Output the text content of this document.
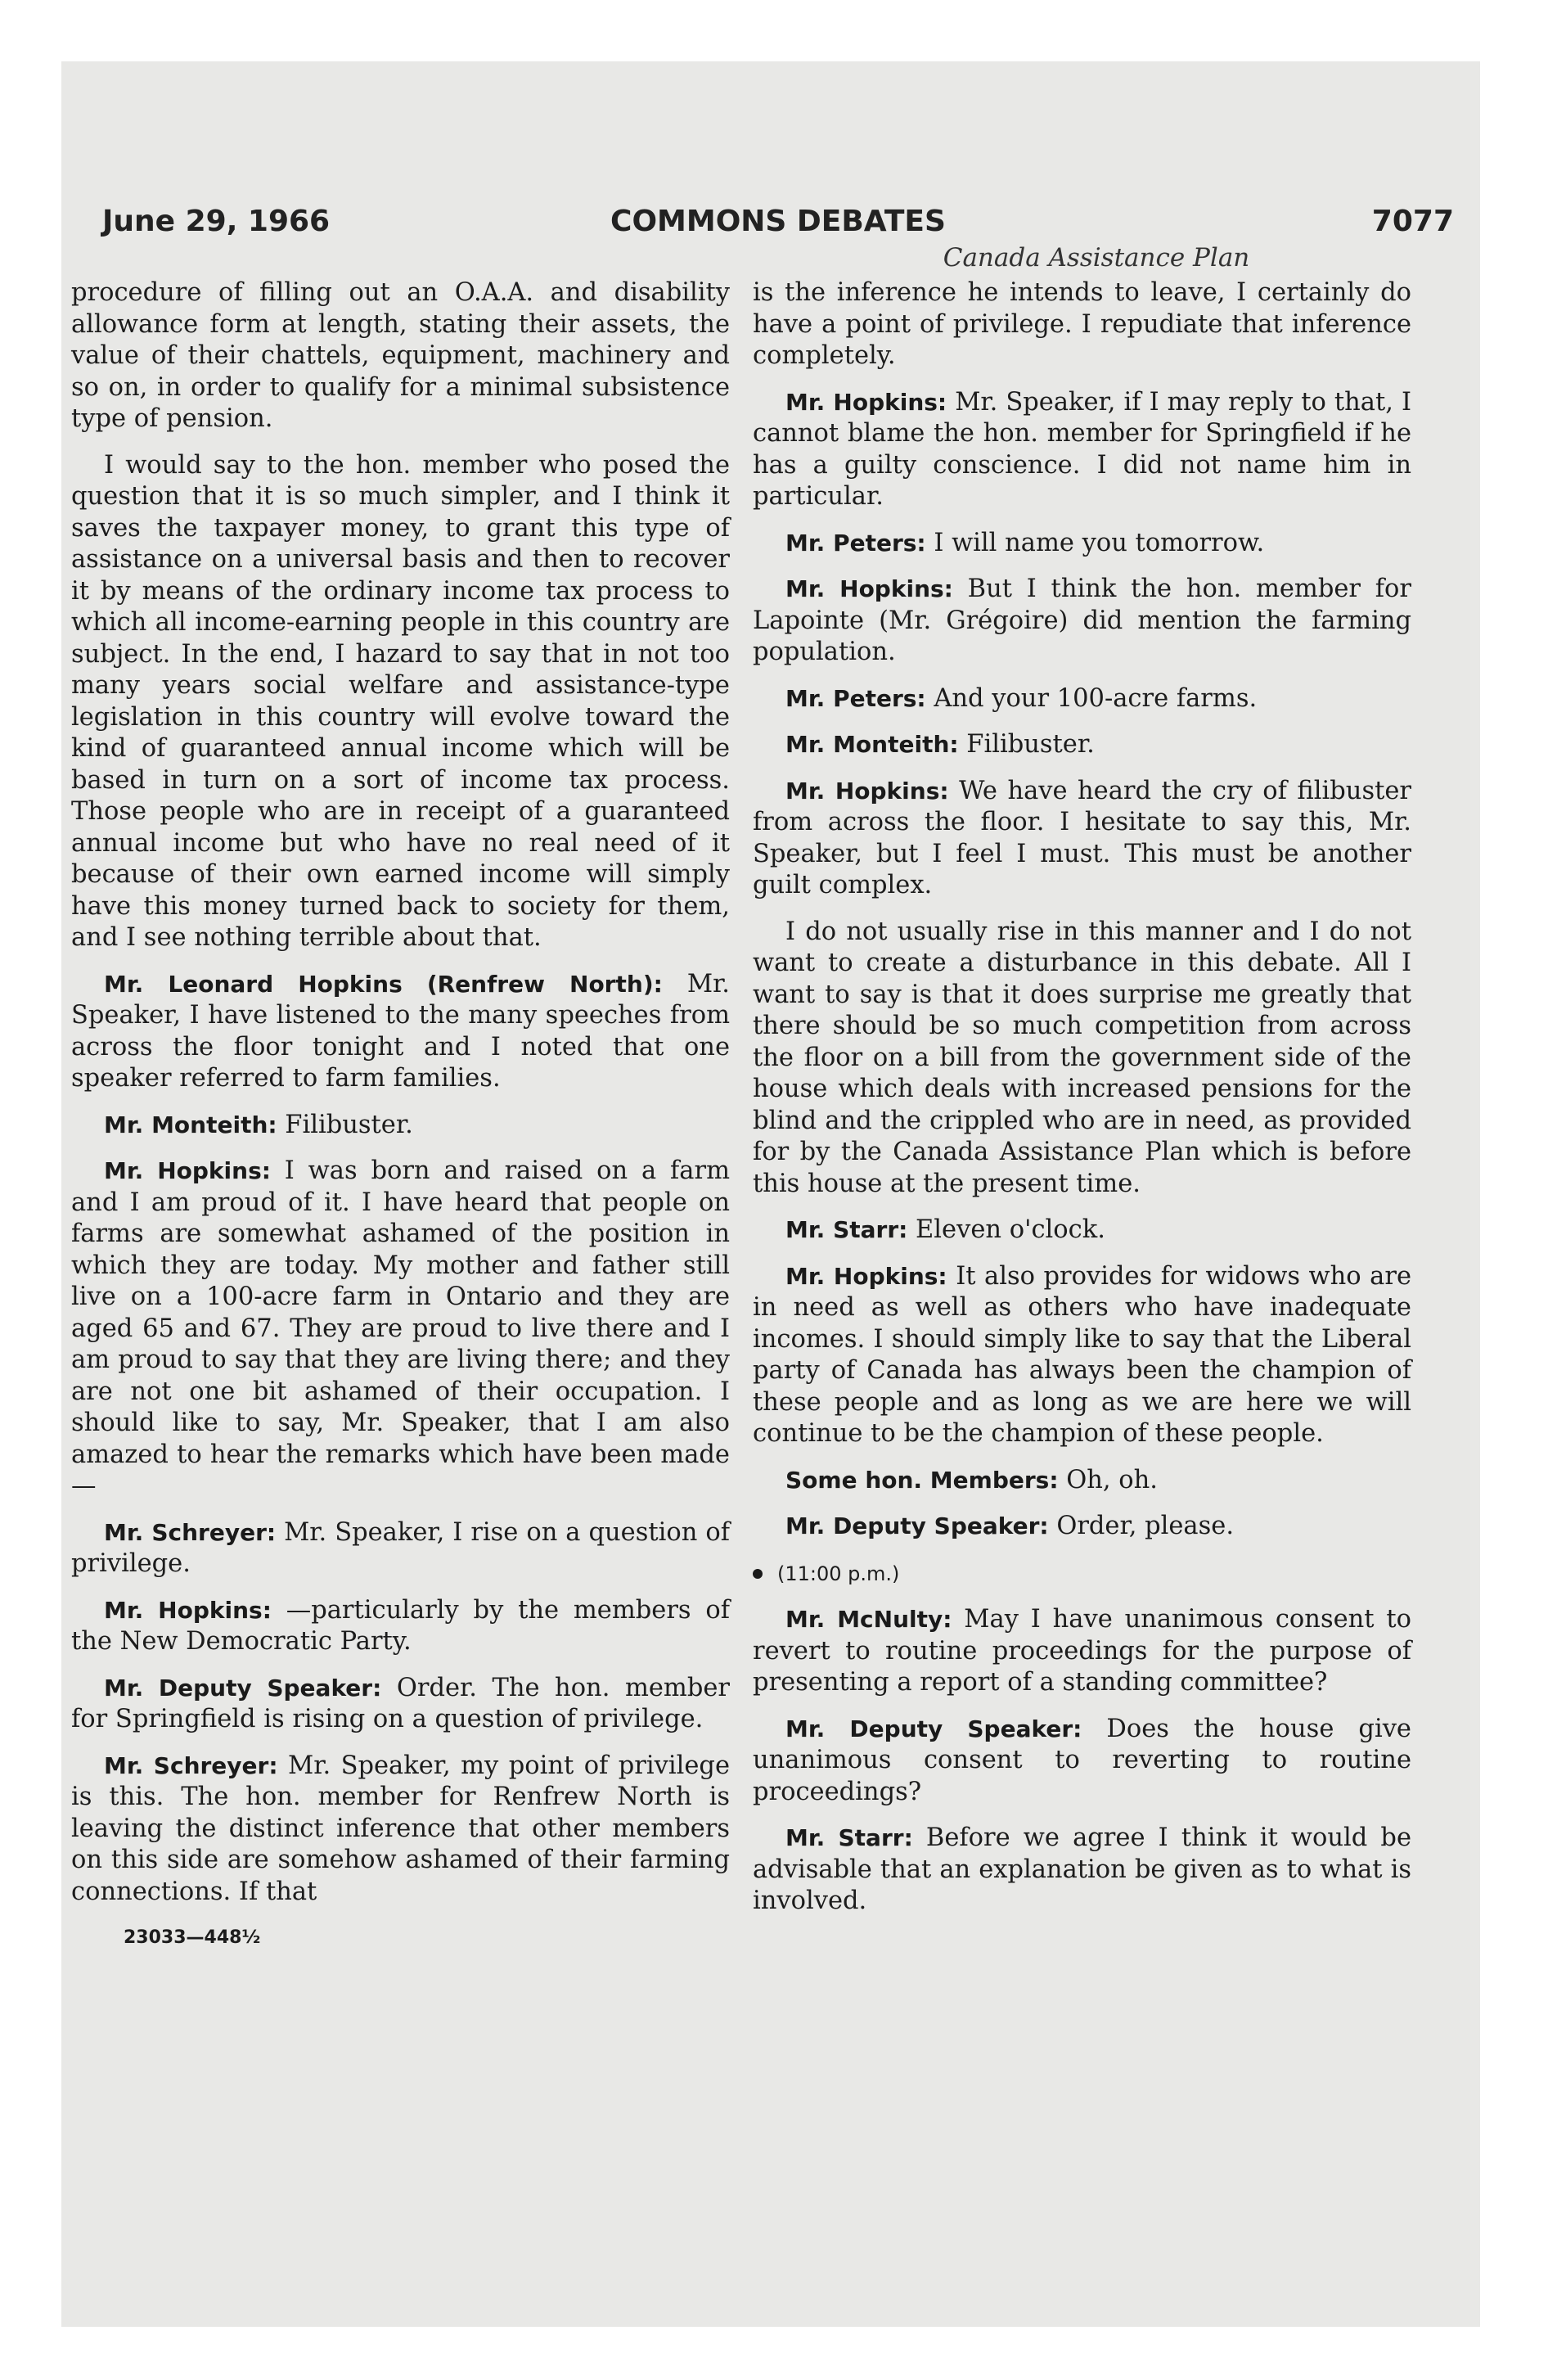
June 29, 1966	COMMONS DEBATES	7077
Canada Assistance Plan

procedure of filling out an O.A.A. and disability allowance form at length, stating their assets, the value of their chattels, equipment, machinery and so on, in order to qualify for a minimal subsistence type of pension.

I would say to the hon. member who posed the question that it is so much simpler, and I think it saves the taxpayer money, to grant this type of assistance on a universal basis and then to recover it by means of the ordinary income tax process to which all income-earning people in this country are subject. In the end, I hazard to say that in not too many years social welfare and assistance-type legislation in this country will evolve toward the kind of guaranteed annual income which will be based in turn on a sort of income tax process. Those people who are in receipt of a guaranteed annual income but who have no real need of it because of their own earned income will simply have this money turned back to society for them, and I see nothing terrible about that.

Mr. Leonard Hopkins (Renfrew North): Mr. Speaker, I have listened to the many speeches from across the floor tonight and I noted that one speaker referred to farm families.

Mr. Monteith: Filibuster.

Mr. Hopkins: I was born and raised on a farm and I am proud of it. I have heard that people on farms are somewhat ashamed of the position in which they are today. My mother and father still live on a 100-acre farm in Ontario and they are aged 65 and 67. They are proud to live there and I am proud to say that they are living there; and they are not one bit ashamed of their occupation. I should like to say, Mr. Speaker, that I am also amazed to hear the remarks which have been made—

Mr. Schreyer: Mr. Speaker, I rise on a question of privilege.

Mr. Hopkins: —particularly by the members of the New Democratic Party.

Mr. Deputy Speaker: Order. The hon. member for Springfield is rising on a question of privilege.

Mr. Schreyer: Mr. Speaker, my point of privilege is this. The hon. member for Renfrew North is leaving the distinct inference that other members on this side are somehow ashamed of their farming connections. If that

23033—448½

is the inference he intends to leave, I certainly do have a point of privilege. I repudiate that inference completely.

Mr. Hopkins: Mr. Speaker, if I may reply to that, I cannot blame the hon. member for Springfield if he has a guilty conscience. I did not name him in particular.

Mr. Peters: I will name you tomorrow.

Mr. Hopkins: But I think the hon. member for Lapointe (Mr. Grégoire) did mention the farming population.

Mr. Peters: And your 100-acre farms.

Mr. Monteith: Filibuster.

Mr. Hopkins: We have heard the cry of filibuster from across the floor. I hesitate to say this, Mr. Speaker, but I feel I must. This must be another guilt complex.

I do not usually rise in this manner and I do not want to create a disturbance in this debate. All I want to say is that it does surprise me greatly that there should be so much competition from across the floor on a bill from the government side of the house which deals with increased pensions for the blind and the crippled who are in need, as provided for by the Canada Assistance Plan which is before this house at the present time.

Mr. Starr: Eleven o'clock.

Mr. Hopkins: It also provides for widows who are in need as well as others who have inadequate incomes. I should simply like to say that the Liberal party of Canada has always been the champion of these people and as long as we are here we will continue to be the champion of these people.

Some hon. Members: Oh, oh.

Mr. Deputy Speaker: Order, please.

(11:00 p.m.)

Mr. McNulty: May I have unanimous consent to revert to routine proceedings for the purpose of presenting a report of a standing committee?

Mr. Deputy Speaker: Does the house give unanimous consent to reverting to routine proceedings?

Mr. Starr: Before we agree I think it would be advisable that an explanation be given as to what is involved.
